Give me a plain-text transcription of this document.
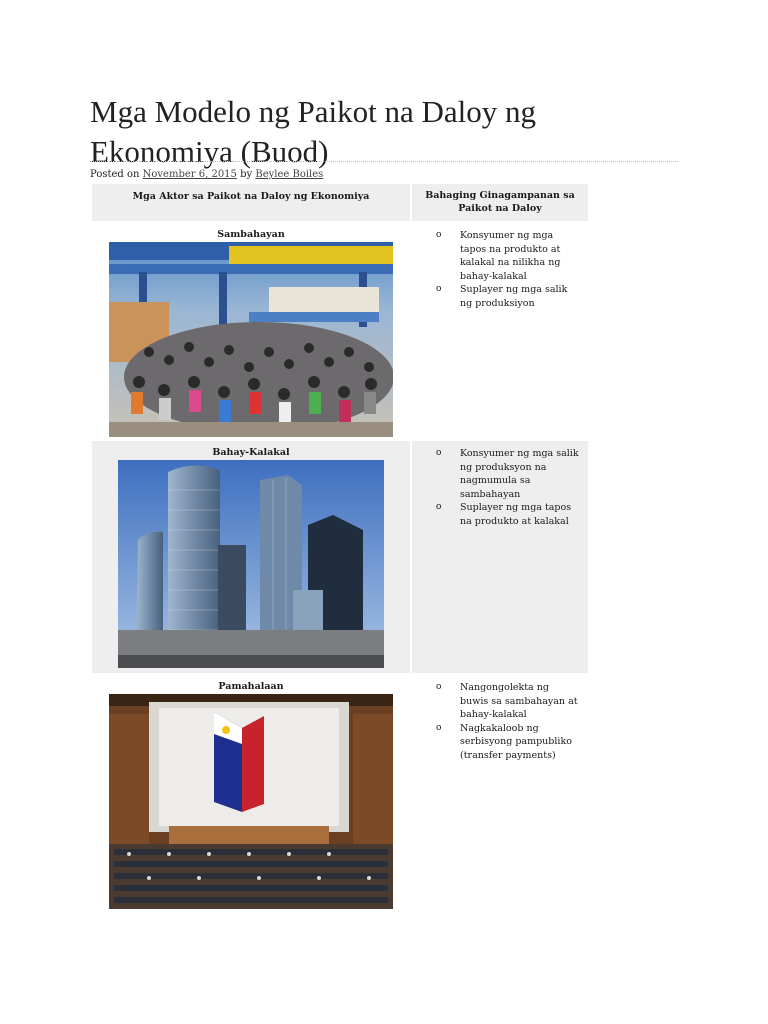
Mga Modelo ng Paikot na Daloy ng Ekonomiya (Buod)
Posted on November 6, 2015 by Beylee Boiles
Mga Aktor sa Paikot na Daloy ng Ekonomiya	Bahaging Ginagampanan sa Paikot na Daloy
Sambahayan	o Konsyumer ng mga tapos na produkto at kalakal na nilikha ng bahay-kalakal
o Suplayer ng mga salik ng produksiyon
Bahay-Kalakal	o Konsyumer ng mga salik ng produksyon na nagmumula sa sambahayan
o Suplayer ng mga tapos na produkto at kalakal
Pamahalaan	o Nangongolekta ng buwis sa sambahayan at bahay-kalakal
o Nagkakaloob ng serbisyong pampubliko (transfer payments)
